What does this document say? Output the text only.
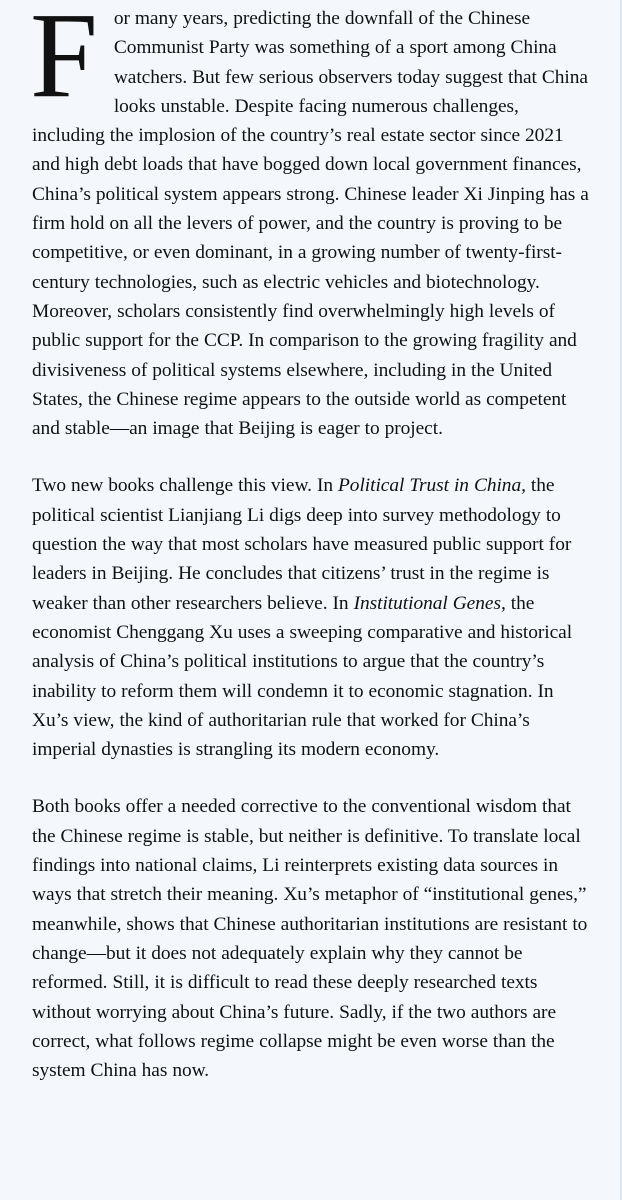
For many years, predicting the downfall of the Chinese Communist Party was something of a sport among China watchers. But few serious observers today suggest that China looks unstable. Despite facing numerous challenges, including the implosion of the country’s real estate sector since 2021 and high debt loads that have bogged down local government finances, China’s political system appears strong. Chinese leader Xi Jinping has a firm hold on all the levers of power, and the country is proving to be competitive, or even dominant, in a growing number of twenty-first-century technologies, such as electric vehicles and biotechnology. Moreover, scholars consistently find overwhelmingly high levels of public support for the CCP. In comparison to the growing fragility and divisiveness of political systems elsewhere, including in the United States, the Chinese regime appears to the outside world as competent and stable—an image that Beijing is eager to project.

Two new books challenge this view. In Political Trust in China, the political scientist Lianjiang Li digs deep into survey methodology to question the way that most scholars have measured public support for leaders in Beijing. He concludes that citizens’ trust in the regime is weaker than other researchers believe. In Institutional Genes, the economist Chenggang Xu uses a sweeping comparative and historical analysis of China’s political institutions to argue that the country’s inability to reform them will condemn it to economic stagnation. In Xu’s view, the kind of authoritarian rule that worked for China’s imperial dynasties is strangling its modern economy.

Both books offer a needed corrective to the conventional wisdom that the Chinese regime is stable, but neither is definitive. To translate local findings into national claims, Li reinterprets existing data sources in ways that stretch their meaning. Xu’s metaphor of “institutional genes,” meanwhile, shows that Chinese authoritarian institutions are resistant to change—but it does not adequately explain why they cannot be reformed. Still, it is difficult to read these deeply researched texts without worrying about China’s future. Sadly, if the two authors are correct, what follows regime collapse might be even worse than the system China has now.
